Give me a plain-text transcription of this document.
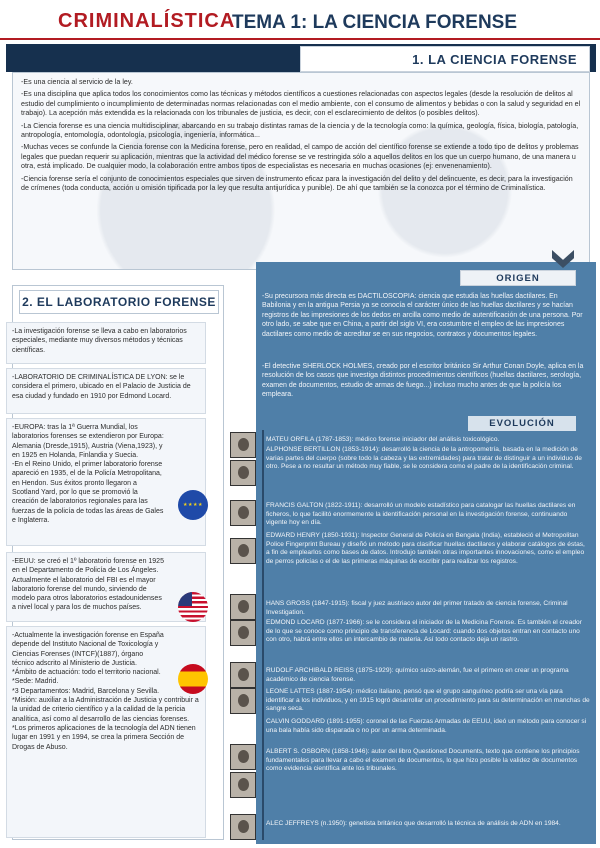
CRIMINALÍSTICA
TEMA 1: LA CIENCIA FORENSE
1. LA CIENCIA FORENSE

-Es una ciencia al servicio de la ley.

-Es una disciplina que aplica todos los conocimientos como las técnicas y métodos científicos a cuestiones relacionadas con aspectos legales (desde la resolución de delitos al estudio del cumplimiento o incumplimiento de determinadas normas relacionadas con el medio ambiente, con el consumo de alimentos y bebidas o con la salud y seguridad en el trabajo). La acepción más extendida es la relacionada con los tribunales de justicia, es decir, con el esclarecimiento de delitos (o posibles delitos).

-La Ciencia forense es una ciencia multidisciplinar, abarcando en su trabajo distintas ramas de la ciencia y de la tecnología como: la química, geología, física, biología, patología, antropología, entomología, odontología, psicología, ingeniería, informática...

-Muchas veces se confunde la Ciencia forense con la Medicina forense, pero en realidad, el campo de acción del científico forense se extiende a todo tipo de delitos y problemas legales que puedan requerir su aplicación, mientras que la actividad del médico forense se ve restringida sólo a aquellos delitos en los que un cuerpo humano, de una manera u otra, está implicado. De cualquier modo, la colaboración entre ambos tipos de especialistas es necesaria en muchas ocasiones (ej: envenenamiento).

-Ciencia forense sería el conjunto de conocimientos especiales que sirven de instrumento eficaz para la investigación del delito y del delincuente, es decir, para la investigación de crímenes (toda conducta, acción u omisión tipificada por la ley que resulta antijurídica y punible). De ahí que también se la conozca por el término de Criminalística.

2. EL LABORATORIO FORENSE
-La investigación forense se lleva a cabo en laboratorios especiales, mediante muy diversos métodos y técnicas científicas.
-LABORATORIO DE CRIMINALÍSTICA DE LYON: se le considera el primero, ubicado en el Palacio de Justicia de esa ciudad y fundado en 1910 por Edmond Locard.
-EUROPA: tras la 1ª Guerra Mundial, los laboratorios forenses se extendieron por Europa: Alemania (Dresde,1915), Austria (Viena,1923), y en 1925 en Holanda, Finlandia y Suecia.
-En el Reino Unido, el primer laboratorio forense apareció en 1935, el de la Policía Metropolitana, en Hendon. Sus éxitos pronto llegaron a Scotland Yard, por lo que se promovió la creación de laboratorios regionales para las fuerzas de la policía de todas las áreas de Gales e Inglaterra.
★★★★
-EEUU: se creó el 1º laboratorio forense en 1925 en el Departamento de Policía de Los Ángeles. Actualmente el laboratorio del FBI es el mayor laboratorio forense del mundo, sirviendo de modelo para otros laboratorios estadounidenses a nivel local y para los de muchos países.
-Actualmente la investigación forense en España depende del Instituto Nacional de Toxicología y Ciencias Forenses (INTCF)(1887), órgano técnico adscrito al Ministerio de Justicia.
*Ámbito de actuación: todo el territorio nacional.
*Sede: Madrid.
*3 Departamentos: Madrid, Barcelona y Sevilla.
*Misión: auxiliar a la Administración de Justicia y contribuir a la unidad de criterio científico y a la calidad de la pericia analítica, así como al desarrollo de las ciencias forenses.
*Los primeros aplicaciones de la tecnología del ADN tienen lugar en 1991 y en 1994, se crea la primera Sección de Drogas de Abuso.
ORIGEN
-Su precursora más directa es DACTILOSCOPIA: ciencia que estudia las huellas dactilares. En Babilonia y en la antigua Persia ya se conocía el carácter único de las huellas dactilares y se hacían registros de las impresiones de los dedos en arcilla como medio de autentificación de una persona. Por otro lado, se sabe que en China, a partir del siglo VI, era costumbre el empleo de las impresiones dactilares como medio de acreditar se en sus negocios, contratos y documentos legales.
-El detective SHERLOCK HOLMES, creado por el escritor británico Sir Arthur Conan Doyle, aplica en la resolución de los casos que investiga distintos procedimientos científicos (huellas dactilares, serología, examen de documentos, estudio de armas de fuego...) incluso mucho antes de que la policía los empleara.
EVOLUCIÓN
MATEU ORFILA (1787-1853): médico forense iniciador del análisis toxicológico.
ALPHONSE BERTILLON (1853-1914): desarrolló la ciencia de la antropometría, basada en la medición de varias partes del cuerpo (sobre todo la cabeza y las extremidades) para tratar de distinguir a un individuo de otro. Pese a no resultar un método muy fiable, se le considera como el padre de la identificación criminal.
FRANCIS GALTON (1822-1911): desarrolló un modelo estadístico para catalogar las huellas dactilares en ficheros, lo que facilitó enormemente la identificación personal en la investigación forense, continuando vigente hoy en día.
EDWARD HENRY (1850-1931): Inspector General de Policía en Bengala (India), estableció el Metropolitan Police Fingerprint Bureau y diseñó un método para clasificar huellas dactilares y elaborar catálogos de éstas, a fin de emplearlos como bases de datos. Introdujo también otras importantes innovaciones, como el empleo de perros policías o el de las primeras máquinas de escribir para realizar los registros.
HANS GROSS (1847-1915): fiscal y juez austriaco autor del primer tratado de ciencia forense, Criminal Investigation.
EDMOND LOCARD (1877-1966): se le considera el iniciador de la Medicina Forense. Es también el creador de lo que se conoce como principio de transferencia de Locard: cuando dos objetos entran en contacto uno con otro, habrá entre ellos un intercambio de materia. Así todo contacto deja un rastro.
RUDOLF ARCHIBALD REISS (1875-1929): químico suizo-alemán, fue el primero en crear un programa académico de ciencia forense.
LEONE LATTES (1887-1954): médico italiano, pensó que el grupo sanguíneo podría ser una vía para identificar a los individuos, y en 1915 logró desarrollar un procedimiento para su determinación en manchas de sangre seca.
CALVIN GODDARD (1891-1955): coronel de las Fuerzas Armadas de EEUU, ideó un método para conocer si una bala había sido disparada o no por un arma determinada.
ALBERT S. OSBORN (1858-1946): autor del libro Questioned Documents, texto que contiene los principios fundamentales para llevar a cabo el examen de documentos, lo que hizo posible la validez de documentos como evidencia científica ante los tribunales.
ALEC JEFFREYS (n.1950): genetista británico que desarrolló la técnica de análisis de ADN en 1984.
